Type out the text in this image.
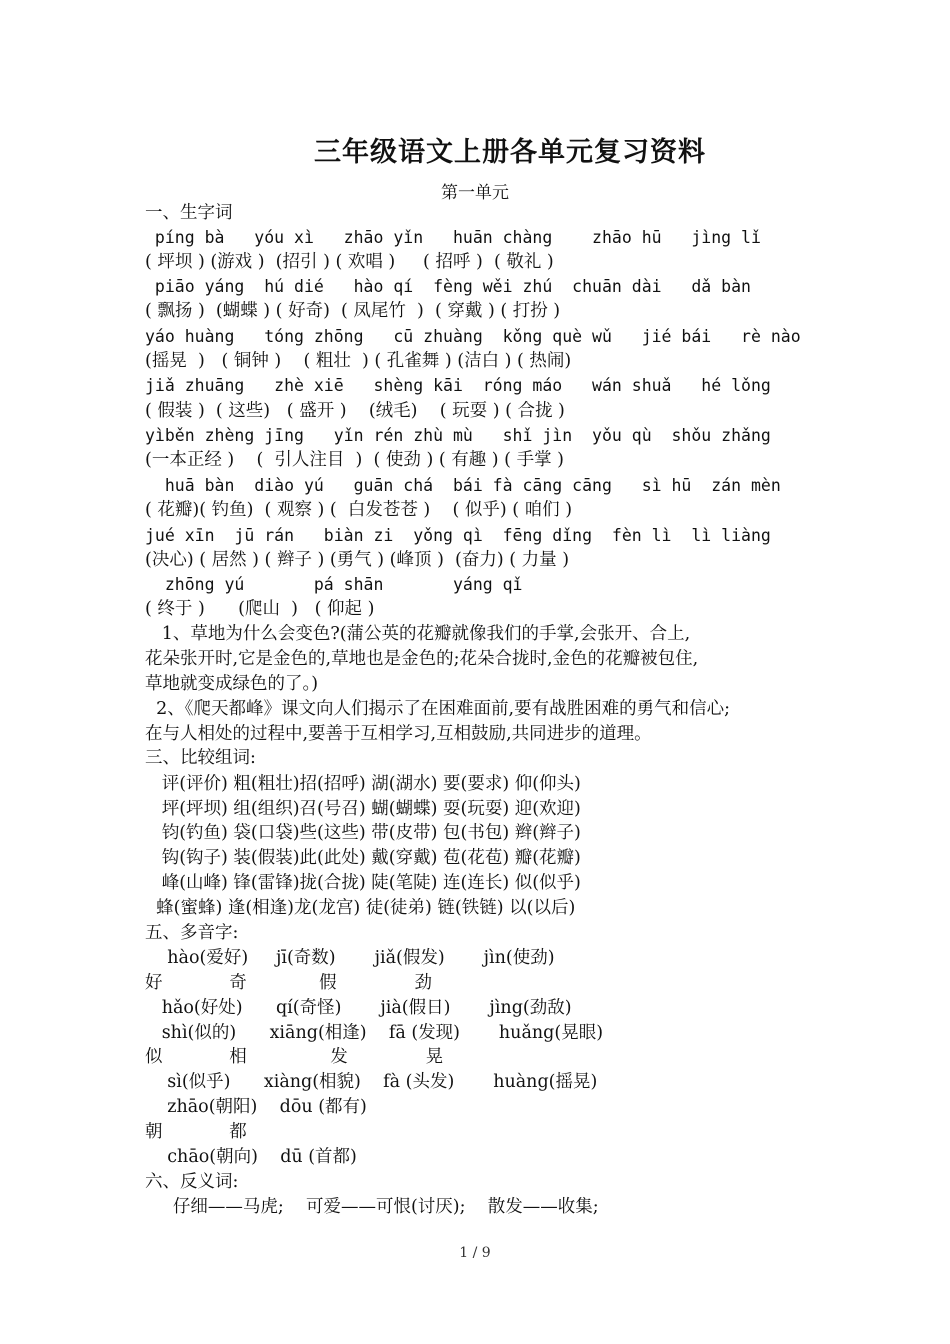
三年级语文上册各单元复习资料
第一单元
一、生字词
píng bà   yóu xì   zhāo yǐn   huān chàng    zhāo hū   jìng lǐ
( 坪坝 ) (游戏 )  (招引 ) ( 欢唱 )     ( 招呼 )  ( 敬礼 )
piāo yáng  hú dié   hào qí  fèng wěi zhú  chuān dài   dǎ bàn
( 飘扬 )  (蝴蝶 ) ( 好奇)  ( 凤尾竹  )  ( 穿戴 ) ( 打扮 )
yáo huàng   tóng zhōng   cū zhuàng  kǒng què wǔ   jié bái   rè nào
(摇晃  )   ( 铜钟 )    ( 粗壮  ) ( 孔雀舞 ) (洁白 ) ( 热闹)
jiǎ zhuāng   zhè xiē   shèng kāi  róng máo   wán shuǎ   hé lǒng
( 假装 )  ( 这些)   ( 盛开 )    (绒毛)    ( 玩耍 ) ( 合拢 )
yìběn zhèng jīng   yǐn rén zhù mù   shǐ jìn  yǒu qù  shǒu zhǎng
(一本正经 )    (  引人注目  )  ( 使劲 ) ( 有趣 ) ( 手掌 )
huā bàn  diào yú   guān chá  bái fà cāng cāng   sì hū  zán mèn
( 花瓣)( 钓鱼)  ( 观察 ) (  白发苍苍 )    ( 似乎) ( 咱们 )
jué xīn  jū rán   biàn zi  yǒng qì  fēng dǐng  fèn lì  lì liàng
(决心) ( 居然 ) ( 辫子 ) (勇气 ) (峰顶 )  (奋力) ( 力量 )
zhōng yú       pá shān       yáng qǐ
( 终于 )      (爬山  )   ( 仰起 )
1、草地为什么会变色?(蒲公英的花瓣就像我们的手掌,会张开、合上,
花朵张开时,它是金色的,草地也是金色的;花朵合拢时,金色的花瓣被包住,
草地就变成绿色的了。)
2、《爬天都峰》课文向人们揭示了在困难面前,要有战胜困难的勇气和信心;
在与人相处的过程中,要善于互相学习,互相鼓励,共同进步的道理。
三、比较组词:
评(评价) 粗(粗壮)招(招呼) 湖(湖水) 要(要求) 仰(仰头)
坪(坪坝) 组(组织)召(号召) 蝴(蝴蝶) 耍(玩耍) 迎(欢迎)
钧(钓鱼) 袋(口袋)些(这些) 带(皮带) 包(书包) 辫(辫子)
钩(钩子) 装(假装)此(此处) 戴(穿戴) 苞(花苞) 瓣(花瓣)
峰(山峰) 锋(雷锋)拢(合拢) 陡(笔陡) 连(连长) 似(似乎)
蜂(蜜蜂) 逢(相逢)龙(龙宫) 徒(徒弟) 链(铁链) 以(以后)
五、多音字:
hào(爱好)     jī(奇数)       jiǎ(假发)       jìn(使劲)
好            奇             假              劲
hǎo(好处)      qí(奇怪)       jià(假日)       jìng(劲敌)
shì(似的)      xiāng(相逢)    fā (发现)       huǎng(晃眼)
似            相               发              晃
sì(似乎)      xiàng(相貌)    fà (头发)       huàng(摇晃)
zhāo(朝阳)    dōu (都有)
朝            都
chāo(朝向)    dū (首都)
六、反义词:
仔细——马虎;    可爱——可恨(讨厌);    散发——收集;
1 / 9
